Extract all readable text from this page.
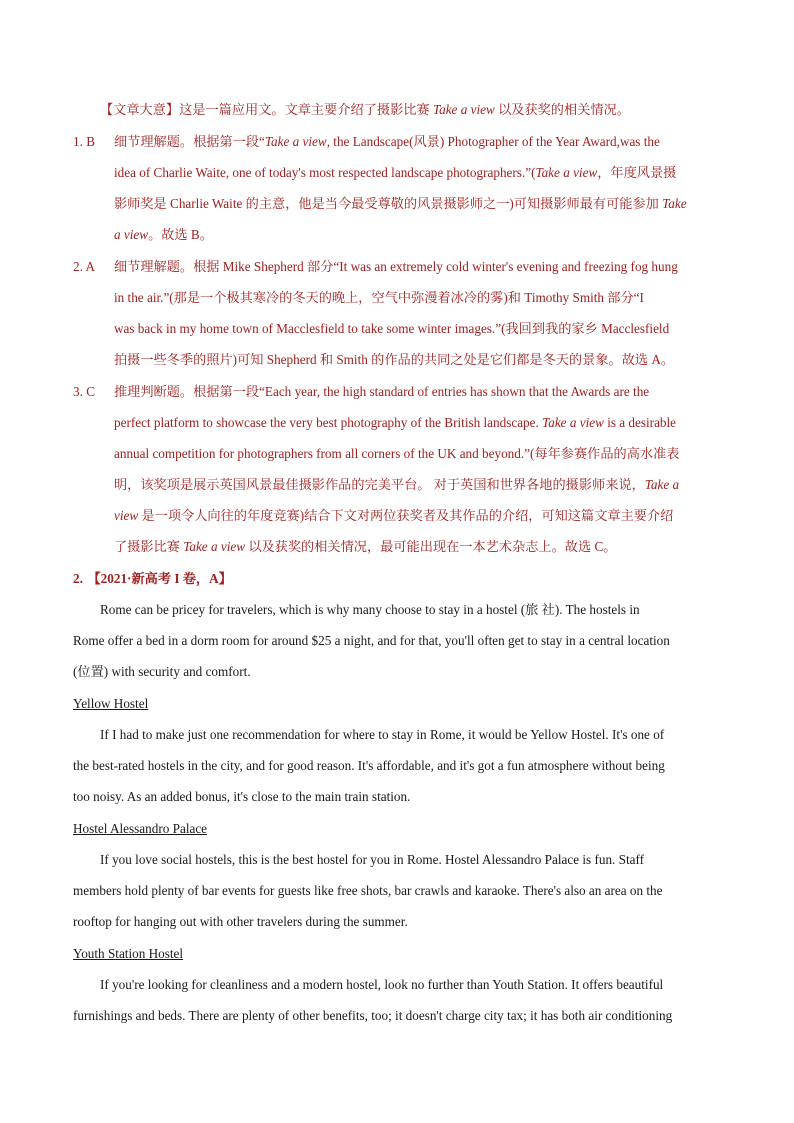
【文章大意】这是一篇应用文。文章主要介绍了摄影比赛 Take a view 以及获奖的相关情况。
1. B 细节理解题。根据第一段“Take a view, the Landscape(风景) Photographer of the Year Award,was the
idea of Charlie Waite, one of today's most respected landscape photographers.”(Take a view，年度风景摄
影师奖是 Charlie Waite 的主意，他是当今最受尊敬的风景摄影师之一)可知摄影师最有可能参加 Take
a view。故选 B。
2. A 细节理解题。根据 Mike Shepherd 部分“It was an extremely cold winter's evening and freezing fog hung
in the air.”(那是一个极其寒冷的冬天的晚上，空气中弥漫着冰冷的雾)和 Timothy Smith 部分“I
was back in my home town of Macclesfield to take some winter images.”(我回到我的家乡 Macclesfield
拍摄一些冬季的照片)可知 Shepherd 和 Smith 的作品的共同之处是它们都是冬天的景象。故选 A。
3. C 推理判断题。根据第一段“Each year, the high standard of entries has shown that the Awards are the
perfect platform to showcase the very best photography of the British landscape. Take a view is a desirable
annual competition for photographers from all corners of the UK and beyond.”(每年参赛作品的高水准表
明，该奖项是展示英国风景最佳摄影作品的完美平台。 对于英国和世界各地的摄影师来说，Take a
view 是一项令人向往的年度竞赛)结合下文对两位获奖者及其作品的介绍，可知这篇文章主要介绍
了摄影比赛 Take a view 以及获奖的相关情况，最可能出现在一本艺术杂志上。故选 C。
2. 【2021·新高考 I 卷，A】
Rome can be pricey for travelers, which is why many choose to stay in a hostel (旅 社). The hostels in
Rome offer a bed in a dorm room for around $25 a night, and for that, you'll often get to stay in a central location
(位置) with security and comfort.
Yellow Hostel
If I had to make just one recommendation for where to stay in Rome, it would be Yellow Hostel. It's one of
the best-rated hostels in the city, and for good reason. It's affordable, and it's got a fun atmosphere without being
too noisy. As an added bonus, it's close to the main train station.
Hostel Alessandro Palace
If you love social hostels, this is the best hostel for you in Rome. Hostel Alessandro Palace is fun. Staff
members hold plenty of bar events for guests like free shots, bar crawls and karaoke. There's also an area on the
rooftop for hanging out with other travelers during the summer.
Youth Station Hostel
If you're looking for cleanliness and a modern hostel, look no further than Youth Station. It offers beautiful
furnishings and beds. There are plenty of other benefits, too; it doesn't charge city tax; it has both air conditioning
